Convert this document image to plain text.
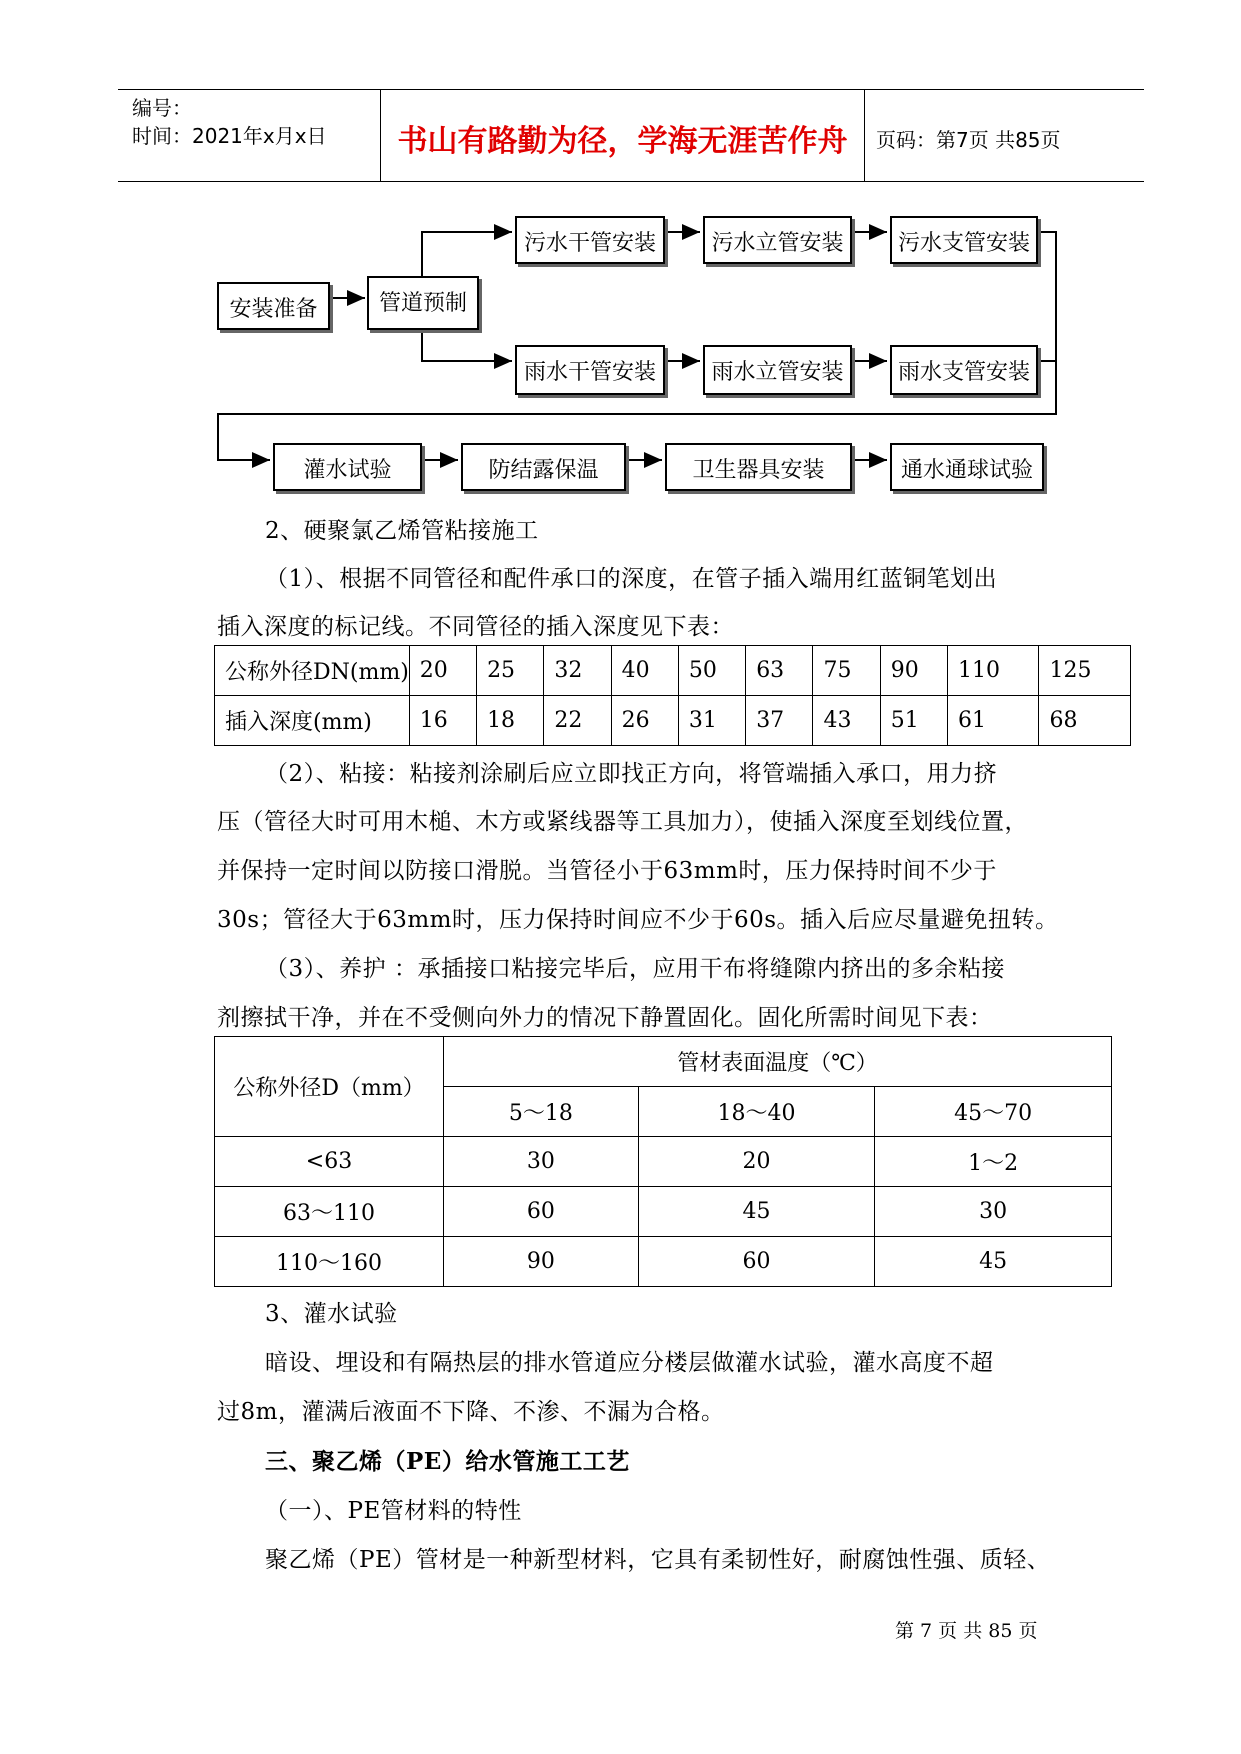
编号：
时间：2021年x月x日	书山有路勤为径，学海无涯苦作舟	页码：第7页 共85页
安装准备	管道预制
污水干管安装	污水立管安装	污水支管安装
雨水干管安装	雨水立管安装	雨水支管安装
灌水试验	防结露保温	卫生器具安装	通水通球试验
2、硬聚氯乙烯管粘接施工
（1）、根据不同管径和配件承口的深度，在管子插入端用红蓝铜笔划出
插入深度的标记线。不同管径的插入深度见下表：
公称外径DN(mm)	20	25	32	40	50	63	75	90	110	125
插入深度(mm)	16	18	22	26	31	37	43	51	61	68
（2）、粘接：粘接剂涂刷后应立即找正方向，将管端插入承口，用力挤
压（管径大时可用木槌、木方或紧线器等工具加力），使插入深度至划线位置，
并保持一定时间以防接口滑脱。当管径小于63mm时，压力保持时间不少于
30s；管径大于63mm时，压力保持时间应不少于60s。插入后应尽量避免扭转。
（3）、养护 ：承插接口粘接完毕后，应用干布将缝隙内挤出的多余粘接
剂擦拭干净，并在不受侧向外力的情况下静置固化。固化所需时间见下表：
公称外径D（mm）	管材表面温度（℃）		
	5～18	18～40	45～70
<63	30	20	1～2
63～110	60	45	30
110～160	90	60	45
3、灌水试验
暗设、埋设和有隔热层的排水管道应分楼层做灌水试验，灌水高度不超
过8m，灌满后液面不下降、不渗、不漏为合格。
三、聚乙烯（PE）给水管施工工艺
（一）、PE管材料的特性
聚乙烯（PE）管材是一种新型材料，它具有柔韧性好，耐腐蚀性强、质轻、
第 7 页 共 85 页
